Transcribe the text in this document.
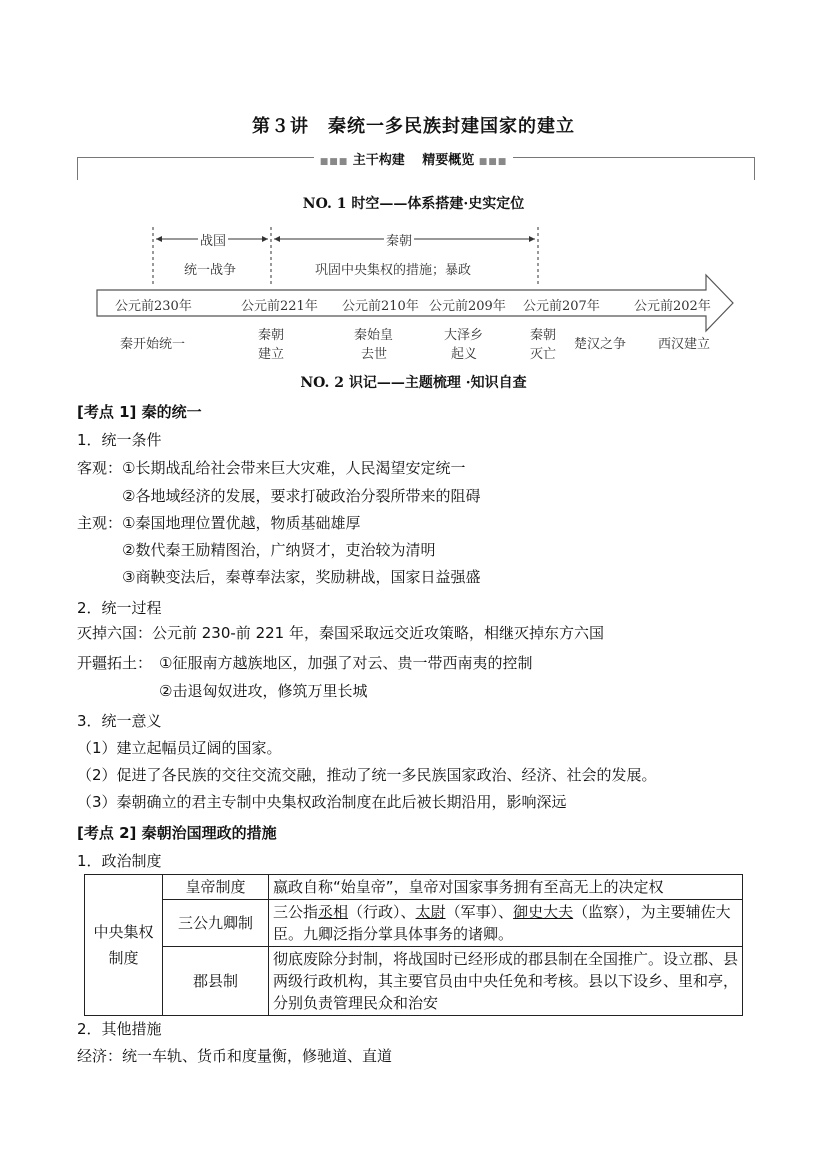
第３讲　秦统一多民族封建国家的建立
■■■ 主干构建　 精要概览 ■■■
NO. 1 时空——体系搭建·史实定位
战国	秦朝
统一战争	巩固中央集权的措施；暴政
公元前230年	公元前221年 公元前210年 公元前209年 公元前207年	公元前202年
秦开始统一
秦朝
建立
秦始皇
去世
大泽乡
起义
秦朝
灭亡
楚汉之争 西汉建立
NO. 2 识记——主题梳理 ·知识自查
[考点 1] 秦的统一
1．统一条件
客观： ①长期战乱给社会带来巨大灾难，人民渴望安定统一
②各地域经济的发展，要求打破政治分裂所带来的阻碍
主观： ①秦国地理位置优越，物质基础雄厚
②数代秦王励精图治，广纳贤才，吏治较为清明
③商鞅变法后，秦尊奉法家，奖励耕战，国家日益强盛
2．统一过程
灭掉六国：公元前 230-前 221 年，秦国采取远交近攻策略，相继灭掉东方六国
开疆拓土： ①征服南方越族地区，加强了对云、贵一带西南夷的控制
②击退匈奴进攻，修筑万里长城
3．统一意义
（1）建立起幅员辽阔的国家。
（2）促进了各民族的交往交流交融，推动了统一多民族国家政治、经济、社会的发展。
（3）秦朝确立的君主专制中央集权政治制度在此后被长期沿用，影响深远
[考点 2] 秦朝治国理政的措施
1．政治制度
中央集权制度	皇帝制度	嬴政自称“始皇帝”，皇帝对国家事务拥有至高无上的决定权
	三公九卿制	三公指丞相（行政）、太尉（军事）、御史大夫（监察），为主要辅佐大臣。九卿泛指分掌具体事务的诸卿。
	郡县制	彻底废除分封制，将战国时已经形成的郡县制在全国推广。设立郡、县两级行政机构，其主要官员由中央任免和考核。县以下设乡、里和亭，分别负责管理民众和治安
2．其他措施
经济：统一车轨、货币和度量衡，修驰道、直道
